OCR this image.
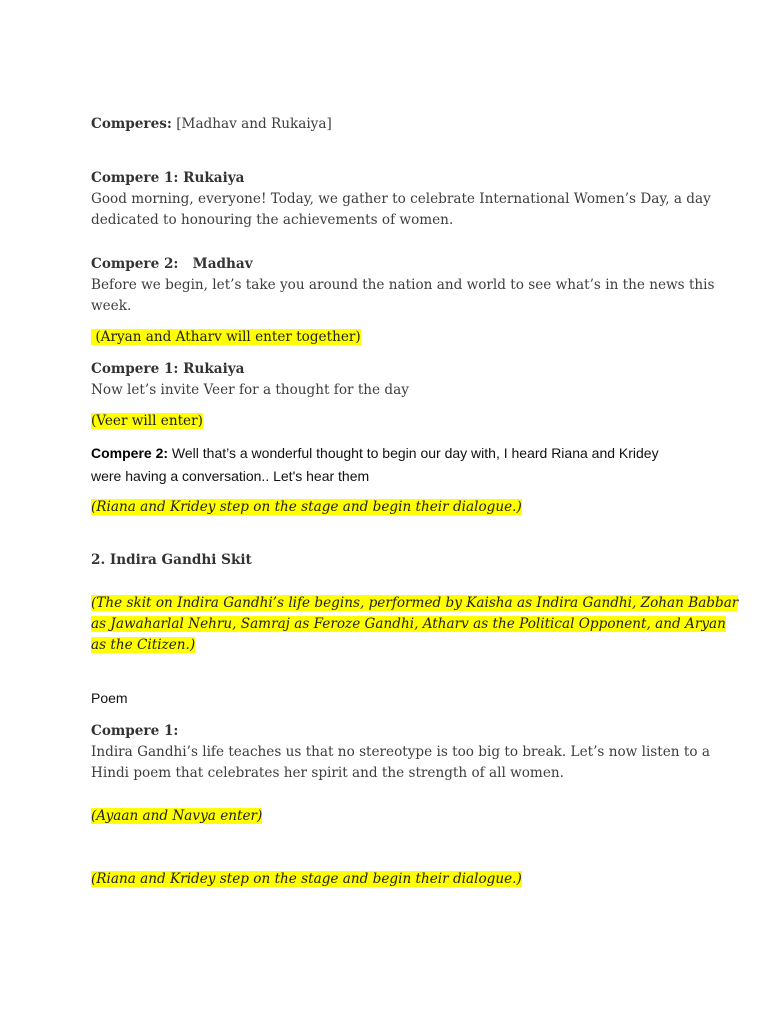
Comperes: [Madhav and Rukaiya]

Compere 1: Rukaiya

Good morning, everyone! Today, we gather to celebrate International Women’s Day, a day

dedicated to honouring the achievements of women.

Compere 2:   Madhav

Before we begin, let’s take you around the nation and world to see what’s in the news this

week.

(Aryan and Atharv will enter together)

Compere 1: Rukaiya

Now let’s invite Veer for a thought for the day

(Veer will enter)

Compere 2: Well that’s a wonderful thought to begin our day with, I heard Riana and Kridey

were having a conversation.. Let's hear them

(Riana and Kridey step on the stage and begin their dialogue.)

2. Indira Gandhi Skit

(The skit on Indira Gandhi’s life begins, performed by Kaisha as Indira Gandhi, Zohan Babbar

as Jawaharlal Nehru, Samraj as Feroze Gandhi, Atharv as the Political Opponent, and Aryan

as the Citizen.)

Poem

Compere 1:

Indira Gandhi’s life teaches us that no stereotype is too big to break. Let’s now listen to a

Hindi poem that celebrates her spirit and the strength of all women.

(Ayaan and Navya enter)

(Riana and Kridey step on the stage and begin their dialogue.)
